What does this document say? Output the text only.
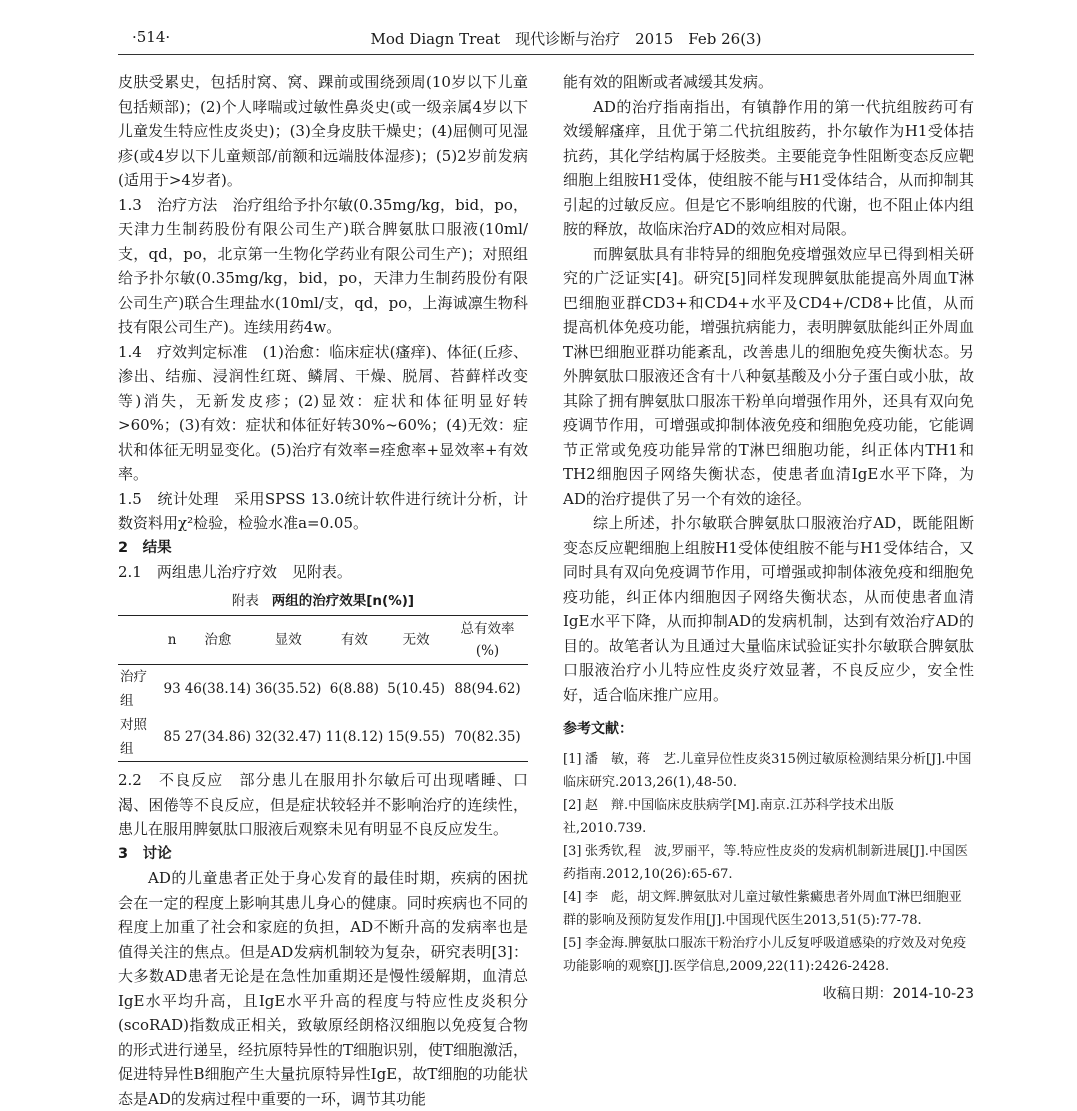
·514·	Mod Diagn Treat　现代诊断与治疗　2015　Feb 26(3)

皮肤受累史，包括肘窝、窝、踝前或围绕颈周(10岁以下儿童包括颊部)；(2)个人哮喘或过敏性鼻炎史(或一级亲属4岁以下儿童发生特应性皮炎史)；(3)全身皮肤干燥史；(4)屈侧可见湿疹(或4岁以下儿童颊部/前额和远端肢体湿疹)；(5)2岁前发病(适用于>4岁者)。

1.3　治疗方法　治疗组给予扑尔敏(0.35mg/kg，bid，po，天津力生制药股份有限公司生产)联合脾氨肽口服液(10ml/支，qd，po，北京第一生物化学药业有限公司生产)；对照组给予扑尔敏(0.35mg/kg，bid，po，天津力生制药股份有限公司生产)联合生理盐水(10ml/支，qd，po，上海诚凛生物科技有限公司生产)。连续用药4w。

1.4　疗效判定标准　(1)治愈：临床症状(瘙痒)、体征(丘疹、渗出、结痂、浸润性红斑、鳞屑、干燥、脱屑、苔藓样改变等)消失，无新发皮疹；(2)显效：症状和体征明显好转>60%；(3)有效：症状和体征好转30%~60%；(4)无效：症状和体征无明显变化。(5)治疗有效率=痊愈率+显效率+有效率。

1.5　统计处理　采用SPSS 13.0统计软件进行统计分析，计数资料用χ²检验，检验水准a=0.05。

2　结果

2.1　两组患儿治疗疗效　见附表。

附表 两组的治疗效果[n(%)]
	n	治愈	显效	有效	无效	总有效率(%)
治疗组	93	46(38.14)	36(35.52)	6(8.88)	5(10.45)	88(94.62)
对照组	85	27(34.86)	32(32.47)	11(8.12)	15(9.55)	70(82.35)

2.2　不良反应　部分患儿在服用扑尔敏后可出现嗜睡、口渴、困倦等不良反应，但是症状较轻并不影响治疗的连续性，患儿在服用脾氨肽口服液后观察未见有明显不良反应发生。

3　讨论

AD的儿童患者正处于身心发育的最佳时期，疾病的困扰会在一定的程度上影响其患儿身心的健康。同时疾病也不同的程度上加重了社会和家庭的负担，AD不断升高的发病率也是值得关注的焦点。但是AD发病机制较为复杂，研究表明[3]：大多数AD患者无论是在急性加重期还是慢性缓解期，血清总IgE水平均升高，且IgE水平升高的程度与特应性皮炎积分(scoRAD)指数成正相关，致敏原经朗格汉细胞以免疫复合物的形式进行递呈，经抗原特异性的T细胞识别，使T细胞激活，促进特异性B细胞产生大量抗原特异性IgE，故T细胞的功能状态是AD的发病过程中重要的一环，调节其功能

能有效的阻断或者减缓其发病。

AD的治疗指南指出，有镇静作用的第一代抗组胺药可有效缓解瘙痒，且优于第二代抗组胺药，扑尔敏作为H1受体拮抗药，其化学结构属于烃胺类。主要能竞争性阻断变态反应靶细胞上组胺H1受体，使组胺不能与H1受体结合，从而抑制其引起的过敏反应。但是它不影响组胺的代谢，也不阻止体内组胺的释放，故临床治疗AD的效应相对局限。

而脾氨肽具有非特异的细胞免疫增强效应早已得到相关研究的广泛证实[4]。研究[5]同样发现脾氨肽能提高外周血T淋巴细胞亚群CD3+和CD4+水平及CD4+/CD8+比值，从而提高机体免疫功能，增强抗病能力，表明脾氨肽能纠正外周血T淋巴细胞亚群功能紊乱，改善患儿的细胞免疫失衡状态。另外脾氨肽口服液还含有十八种氨基酸及小分子蛋白或小肽，故其除了拥有脾氨肽口服冻干粉单向增强作用外，还具有双向免疫调节作用，可增强或抑制体液免疫和细胞免疫功能，它能调节正常或免疫功能异常的T淋巴细胞功能，纠正体内TH1和TH2细胞因子网络失衡状态，使患者血清IgE水平下降，为AD的治疗提供了另一个有效的途径。

综上所述，扑尔敏联合脾氨肽口服液治疗AD，既能阻断变态反应靶细胞上组胺H1受体使组胺不能与H1受体结合，又同时具有双向免疫调节作用，可增强或抑制体液免疫和细胞免疫功能，纠正体内细胞因子网络失衡状态，从而使患者血清IgE水平下降，从而抑制AD的发病机制，达到有效治疗AD的目的。故笔者认为且通过大量临床试验证实扑尔敏联合脾氨肽口服液治疗小儿特应性皮炎疗效显著，不良反应少，安全性好，适合临床推广应用。

参考文献：
[1] 潘　敏，蒋　艺.儿童异位性皮炎315例过敏原检测结果分析[J].中国临床研究.2013,26(1),48-50.
[2] 赵　辩.中国临床皮肤病学[M].南京.江苏科学技术出版社,2010.739.
[3] 张秀钦,程　波,罗丽平，等.特应性皮炎的发病机制新进展[J].中国医药指南.2012,10(26):65-67.
[4] 李　彪，胡文辉.脾氨肽对儿童过敏性紫癜患者外周血T淋巴细胞亚群的影响及预防复发作用[J].中国现代医生2013,51(5):77-78.
[5] 李金海.脾氨肽口服冻干粉治疗小儿反复呼吸道感染的疗效及对免疫功能影响的观察[J].医学信息,2009,22(11):2426-2428.
收稿日期：2014-10-23
